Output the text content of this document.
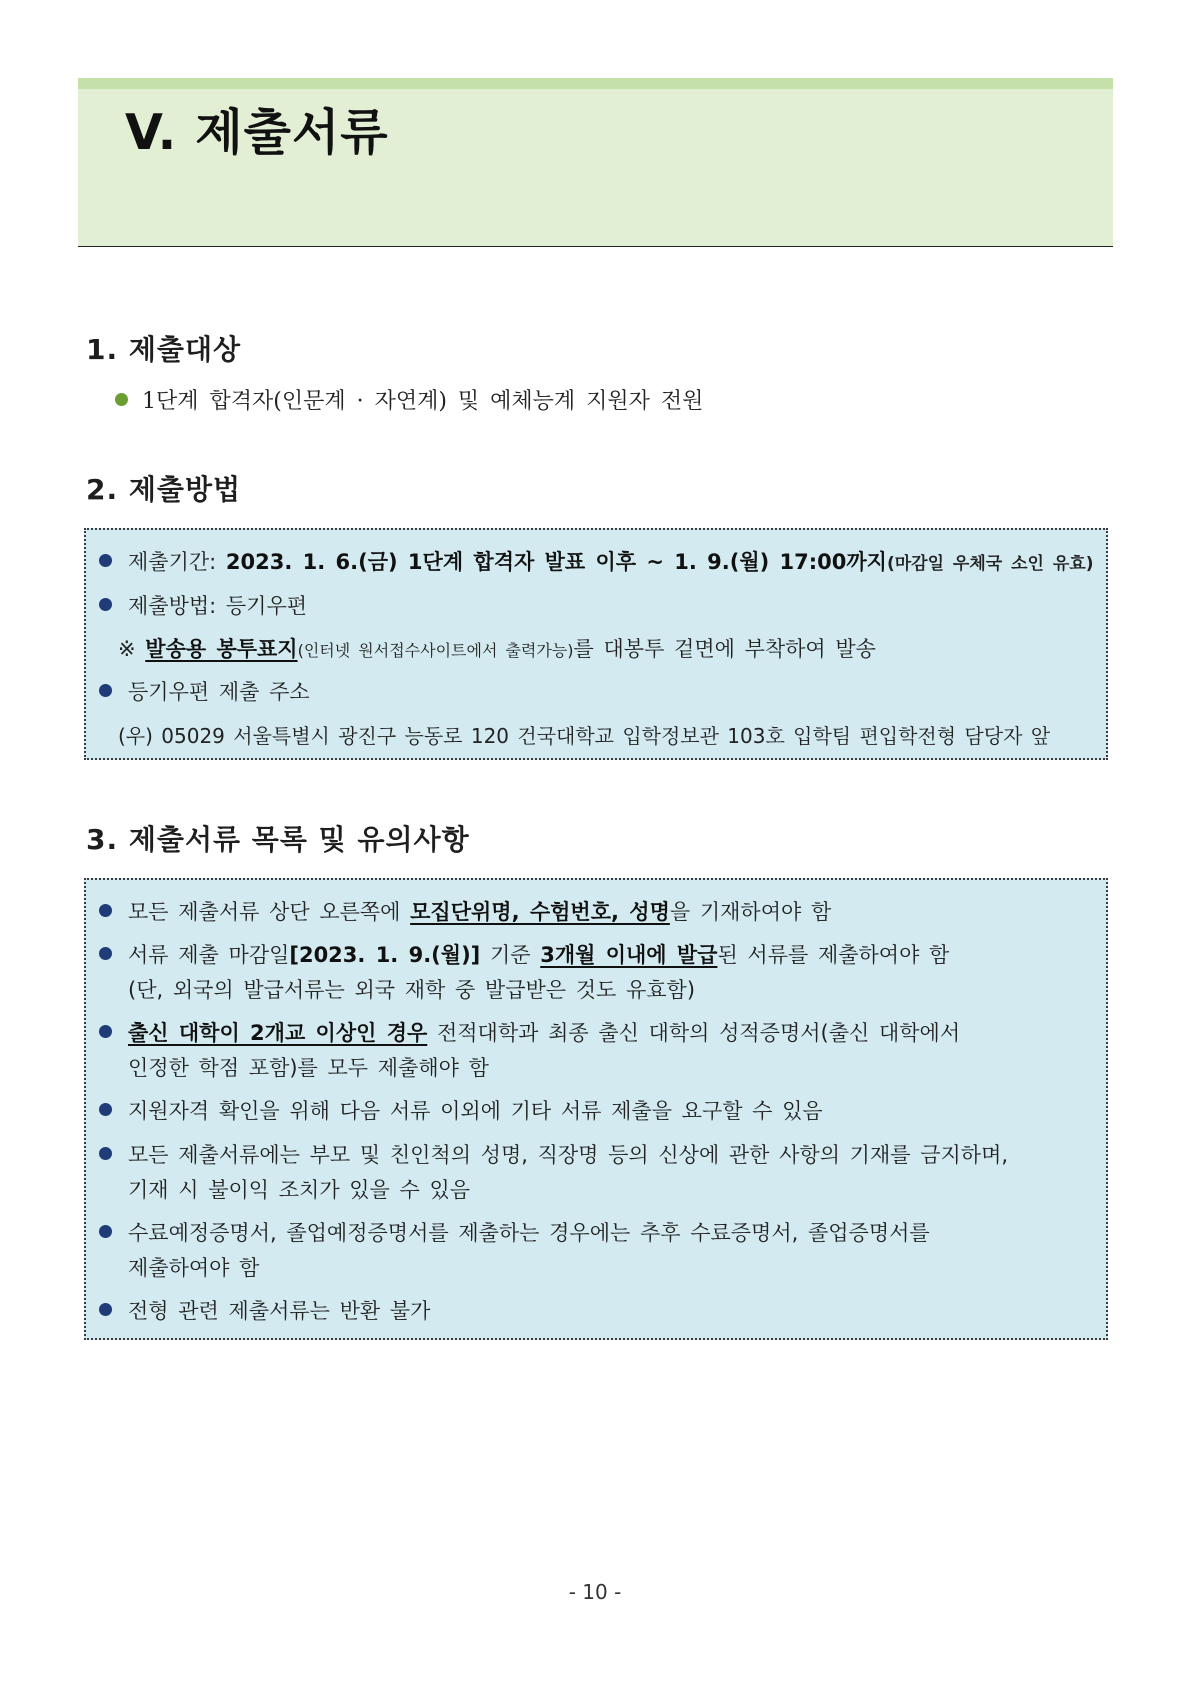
V. 제출서류
1. 제출대상
1단계 합격자(인문계 · 자연계) 및 예체능계 지원자 전원
2. 제출방법
제출기간: 2023. 1. 6.(금) 1단계 합격자 발표 이후 ~ 1. 9.(월) 17:00까지(마감일 우체국 소인 유효)
제출방법: 등기우편
※ 발송용 봉투표지(인터넷 원서접수사이트에서 출력가능)를 대봉투 겉면에 부착하여 발송
등기우편 제출 주소
(우) 05029 서울특별시 광진구 능동로 120 건국대학교 입학정보관 103호 입학팀 편입학전형 담당자 앞
3. 제출서류 목록 및 유의사항
모든 제출서류 상단 오른쪽에 모집단위명, 수험번호, 성명을 기재하여야 함
서류 제출 마감일[2023. 1. 9.(월)] 기준 3개월 이내에 발급된 서류를 제출하여야 함
(단, 외국의 발급서류는 외국 재학 중 발급받은 것도 유효함)
출신 대학이 2개교 이상인 경우 전적대학과 최종 출신 대학의 성적증명서(출신 대학에서
인정한 학점 포함)를 모두 제출해야 함
지원자격 확인을 위해 다음 서류 이외에 기타 서류 제출을 요구할 수 있음
모든 제출서류에는 부모 및 친인척의 성명, 직장명 등의 신상에 관한 사항의 기재를 금지하며,
기재 시 불이익 조치가 있을 수 있음
수료예정증명서, 졸업예정증명서를 제출하는 경우에는 추후 수료증명서, 졸업증명서를
제출하여야 함
전형 관련 제출서류는 반환 불가
- 10 -
